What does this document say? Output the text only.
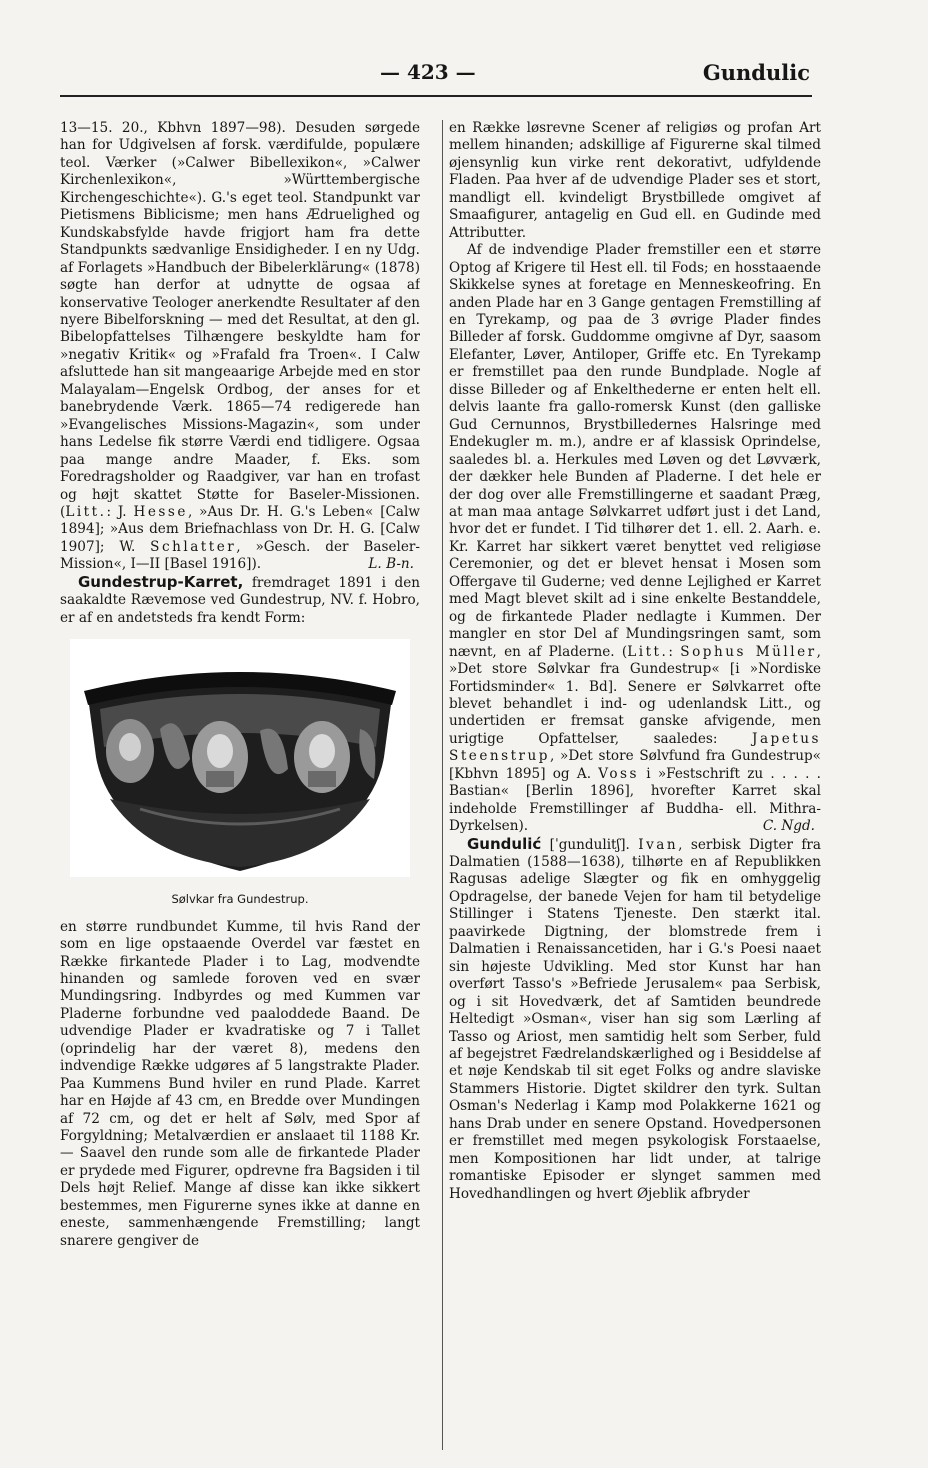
— 423 —	Gundulic

13—15. 20., Kbhvn 1897—98). Desuden sørgede han for Udgivelsen af forsk. værdifulde, populære teol. Værker (»Calwer Bibellexikon«, »Calwer Kirchenlexikon«, »Württembergische Kirchengeschichte«). G.'s eget teol. Standpunkt var Pietismens Biblicisme; men hans Ædruelighed og Kundskabsfylde havde frigjort ham fra dette Standpunkts sædvanlige Ensidigheder. I en ny Udg. af Forlagets »Handbuch der Bibelerklärung« (1878) søgte han derfor at udnytte de ogsaa af konservative Teologer anerkendte Resultater af den nyere Bibelforskning — med det Resultat, at den gl. Bibelopfattelses Tilhængere beskyldte ham for »negativ Kritik« og »Frafald fra Troen«. I Calw afsluttede han sit mangeaarige Arbejde med en stor Malayalam—Engelsk Ordbog, der anses for et banebrydende Værk. 1865—74 redigerede han »Evangelisches Missions-Magazin«, som under hans Ledelse fik større Værdi end tidligere. Ogsaa paa mange andre Maader, f. Eks. som Foredragsholder og Raadgiver, var han en trofast og højt skattet Støtte for Baseler-Missionen. (Litt.: J. Hesse, »Aus Dr. H. G.'s Leben« [Calw 1894]; »Aus dem Briefnachlass von Dr. H. G. [Calw 1907]; W. Schlatter, »Gesch. der Baseler-Mission«, I—II [Basel 1916]).	L. B-n.

Gundestrup-Karret, fremdraget 1891 i den saakaldte Rævemose ved Gundestrup, NV. f. Hobro, er af en andetsteds fra kendt Form:

Sølvkar fra Gundestrup.

en større rundbundet Kumme, til hvis Rand der som en lige opstaaende Overdel var fæstet en Række firkantede Plader i to Lag, modvendte hinanden og samlede foroven ved en svær Mundingsring. Indbyrdes og med Kummen var Pladerne forbundne ved paaloddede Baand. De udvendige Plader er kvadratiske og 7 i Tallet (oprindelig har der været 8), medens den indvendige Række udgøres af 5 langstrakte Plader. Paa Kummens Bund hviler en rund Plade. Karret har en Højde af 43 cm, en Bredde over Mundingen af 72 cm, og det er helt af Sølv, med Spor af Forgyldning; Metalværdien er anslaaet til 1188 Kr. — Saavel den runde som alle de firkantede Plader er prydede med Figurer, opdrevne fra Bagsiden i til Dels højt Relief. Mange af disse kan ikke sikkert bestemmes, men Figurerne synes ikke at danne en eneste, sammenhængende Fremstilling; langt snarere gengiver de

en Række løsrevne Scener af religiøs og profan Art mellem hinanden; adskillige af Figurerne skal tilmed øjensynlig kun virke rent dekorativt, udfyldende Fladen. Paa hver af de udvendige Plader ses et stort, mandligt ell. kvindeligt Brystbillede omgivet af Smaafigurer, antagelig en Gud ell. en Gudinde med Attributter.

Af de indvendige Plader fremstiller een et større Optog af Krigere til Hest ell. til Fods; en hosstaaende Skikkelse synes at foretage en Menneskeofring. En anden Plade har en 3 Gange gentagen Fremstilling af en Tyrekamp, og paa de 3 øvrige Plader findes Billeder af forsk. Guddomme omgivne af Dyr, saasom Elefanter, Løver, Antiloper, Griffe etc. En Tyrekamp er fremstillet paa den runde Bundplade. Nogle af disse Billeder og af Enkelthederne er enten helt ell. delvis laante fra gallo-romersk Kunst (den galliske Gud Cernunnos, Brystbilledernes Halsringe med Endekugler m. m.), andre er af klassisk Oprindelse, saaledes bl. a. Herkules med Løven og det Løvværk, der dækker hele Bunden af Pladerne. I det hele er der dog over alle Fremstillingerne et saadant Præg, at man maa antage Sølvkarret udført just i det Land, hvor det er fundet. I Tid tilhører det 1. ell. 2. Aarh. e. Kr. Karret har sikkert været benyttet ved religiøse Ceremonier, og det er blevet hensat i Mosen som Offergave til Guderne; ved denne Lejlighed er Karret med Magt blevet skilt ad i sine enkelte Bestanddele, og de firkantede Plader nedlagte i Kummen. Der mangler en stor Del af Mundingsringen samt, som nævnt, en af Pladerne. (Litt.: Sophus Müller, »Det store Sølvkar fra Gundestrup« [i »Nordiske Fortidsminder« 1. Bd]. Senere er Sølvkarret ofte blevet behandlet i ind- og udenlandsk Litt., og undertiden er fremsat ganske afvigende, men urigtige Opfattelser, saaledes: Japetus Steenstrup, »Det store Sølvfund fra Gundestrup« [Kbhvn 1895] og A. Voss i »Festschrift zu . . . . . Bastian« [Berlin 1896], hvorefter Karret skal indeholde Fremstillinger af Buddha- ell. Mithra-Dyrkelsen).	C. Ngd.

Gundulić [ˈgundulitʃ]. Ivan, serbisk Digter fra Dalmatien (1588—1638), tilhørte en af Republikken Ragusas adelige Slægter og fik en omhyggelig Opdragelse, der banede Vejen for ham til betydelige Stillinger i Statens Tjeneste. Den stærkt ital. paavirkede Digtning, der blomstrede frem i Dalmatien i Renaissancetiden, har i G.'s Poesi naaet sin højeste Udvikling. Med stor Kunst har han overført Tasso's »Befriede Jerusalem« paa Serbisk, og i sit Hovedværk, det af Samtiden beundrede Heltedigt »Osman«, viser han sig som Lærling af Tasso og Ariost, men samtidig helt som Serber, fuld af begejstret Fædrelandskærlighed og i Besiddelse af et nøje Kendskab til sit eget Folks og andre slaviske Stammers Historie. Digtet skildrer den tyrk. Sultan Osman's Nederlag i Kamp mod Polakkerne 1621 og hans Drab under en senere Opstand. Hovedpersonen er fremstillet med megen psykologisk Forstaaelse, men Kompositionen har lidt under, at talrige romantiske Episoder er slynget sammen med Hovedhandlingen og hvert Øjeblik afbryder
